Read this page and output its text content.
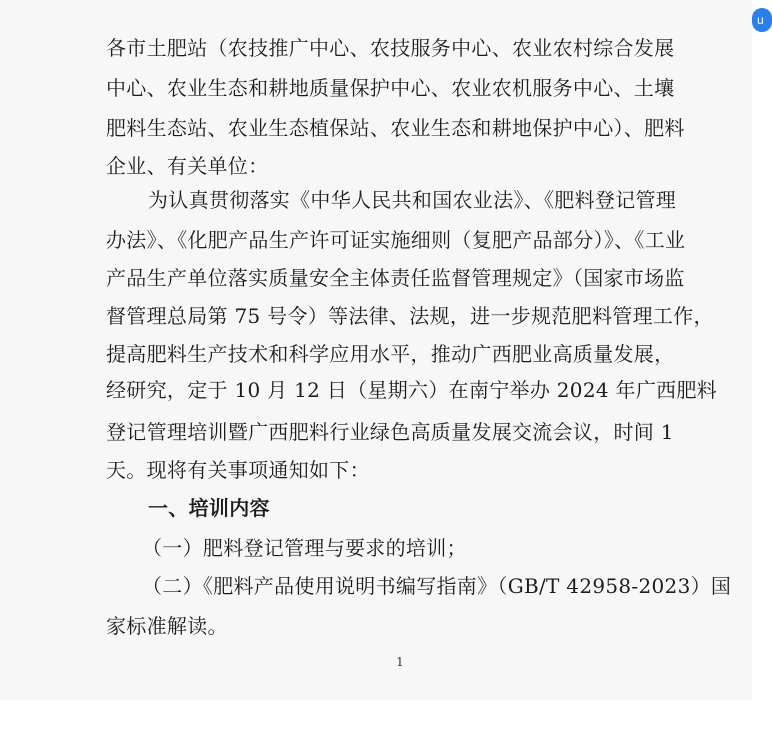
各市土肥站（农技推广中心、农技服务中心、农业农村综合发展
中心、农业生态和耕地质量保护中心、农业农机服务中心、土壤
肥料生态站、农业生态植保站、农业生态和耕地保护中心）、肥料
企业、有关单位：
为认真贯彻落实《中华人民共和国农业法》、《肥料登记管理
办法》、《化肥产品生产许可证实施细则（复肥产品部分）》、《工业
产品生产单位落实质量安全主体责任监督管理规定》（国家市场监
督管理总局第 75 号令）等法律、法规，进一步规范肥料管理工作，
提高肥料生产技术和科学应用水平，推动广西肥业高质量发展，
经研究，定于 10 月 12 日（星期六）在南宁举办 2024 年广西肥料
登记管理培训暨广西肥料行业绿色高质量发展交流会议，时间 1
天。现将有关事项通知如下：
一、培训内容
（一）肥料登记管理与要求的培训；
（二）《肥料产品使用说明书编写指南》（GB/T 42958-2023）国
家标准解读。
1
u
